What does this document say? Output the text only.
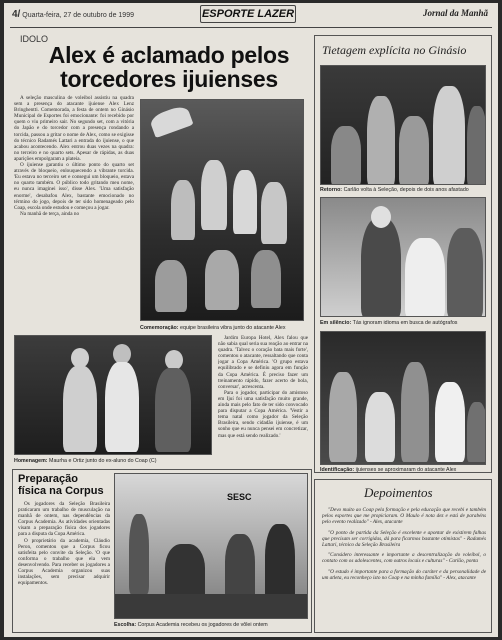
4/ Quarta-feira, 27 de outubro de 1999	ESPORTE LAZER	Jornal da Manhã
IDOLO
Alex é aclamado pelos torcedores ijuienses

A seleção masculina de voleibol assistiu na quadra sem a presença do atacante ijuiense Alex Lenz Bringhentti. Comemorada, a festa de ontem no Ginásio Municipal de Esportes foi emocionante: foi recebido por quem o viu primeiro sair. No segundo set, com a vitória do Japão e do torcedor com a presença rondando a torcida, passou a gritar o nome de Alex, como se exigisse do técnico Radamés Lattari a entrada do ijuiense, o que acabou acontecendo. Alex entrou duas vezes na quadra: no terceiro e no quarto sets. Apesar de rápidas, as duas aparições empolgaram a plateia.

O ijuiense garantiu o último ponto do quarto set através de bloqueio, enlouquecendo a vibrante torcida. 'Eu estava no terceiro set e consegui um bloqueio, estava no quarto também. O público todo gritando meu nome, eu nunca imaginei isso', disse Alex. 'Uma satisfação enorme', desabafou Alex, bastante emocionado no término do jogo, depois de ter sido homenageado pelo Coap, escola onde estudou e começou a jogar.

Na manhã de terça, ainda no

Comemoração: equipe brasileira vibra junto do atacante Alex

Jardim Europa Hotel, Alex falou que não sabia qual seria sua reação ao entrar na quadra. 'Talvez o coração bata mais forte', comentou o atacante, ressaltando que conta jogar a Copa América. 'O grupo estava equilibrado e se definiu agora em função da Copa América. É preciso fazer um treinamento rápido, fazer acerto de bola, conversar', acrescenta.

Para o jogador, participar do amistoso em Ijuí foi uma satisfação muito grande, ainda mais pelo fato de ter sido convocado para disputar a Copa América. 'Vestir a tema natal como jogador da Seleção Brasileira, sendo cidadão ijuiense, é um sonho que eu nunca pensei em concretizar, mas que está sendo realizado.'

Homenagem: Maurha e Ortiz junto do ex-aluno do Coap (C)
Tietagem explícita no Ginásio
Retorno: Carlão volta à Seleção, depois de dois anos afastado
Em silêncio: Tás ignoram idioma em busca de autógrafos
Identificação: ijuienses se aproximaram do atacante Alex
Preparação física na Corpus

Os jogadores da Seleção Brasileira praticaram um trabalho de musculação na manhã de ontem, nas dependências da Corpus Academia. As atividades orientadas visam a preparação física dos jogadores para a disputa da Copa América.

O proprietário da academia, Cláudio Peron, comentou que a Corpus ficou satisfeita pelo convite da Seleção. 'O que conforma o trabalho que ela vem desenvolvendo. Para receber os jogadores a Corpus Academia organizou suas instalações, sem precisar adquirir equipamentos.

SESC
Escolha: Corpus Academia recebeu os jogadores de vôlei ontem
Depoimentos

"Devo muito ao Coap pela formação e pela educação que recebi e também pelos esportes que me propiciaram. O Maulo é nota dez e está de parabéns pelo evento realizado" - Alex, atacante

"O ponto de partida da Seleção é excelente e apontar de existirem falhas que precisam ser corrigidas, dá para ficarmos bastante otimistas" - Radamés Lattari, técnico da Seleção Brasileira

"Considero interessante e importante a descentralização do voleibol, o contato com os adolescentes, com outros locais e culturas" - Carlão, ponta

"O estudo é importante para a formação do caráter e da personalidade de um atleta, eu reconheço isto no Coap e na minha família" - Alex, atacante
